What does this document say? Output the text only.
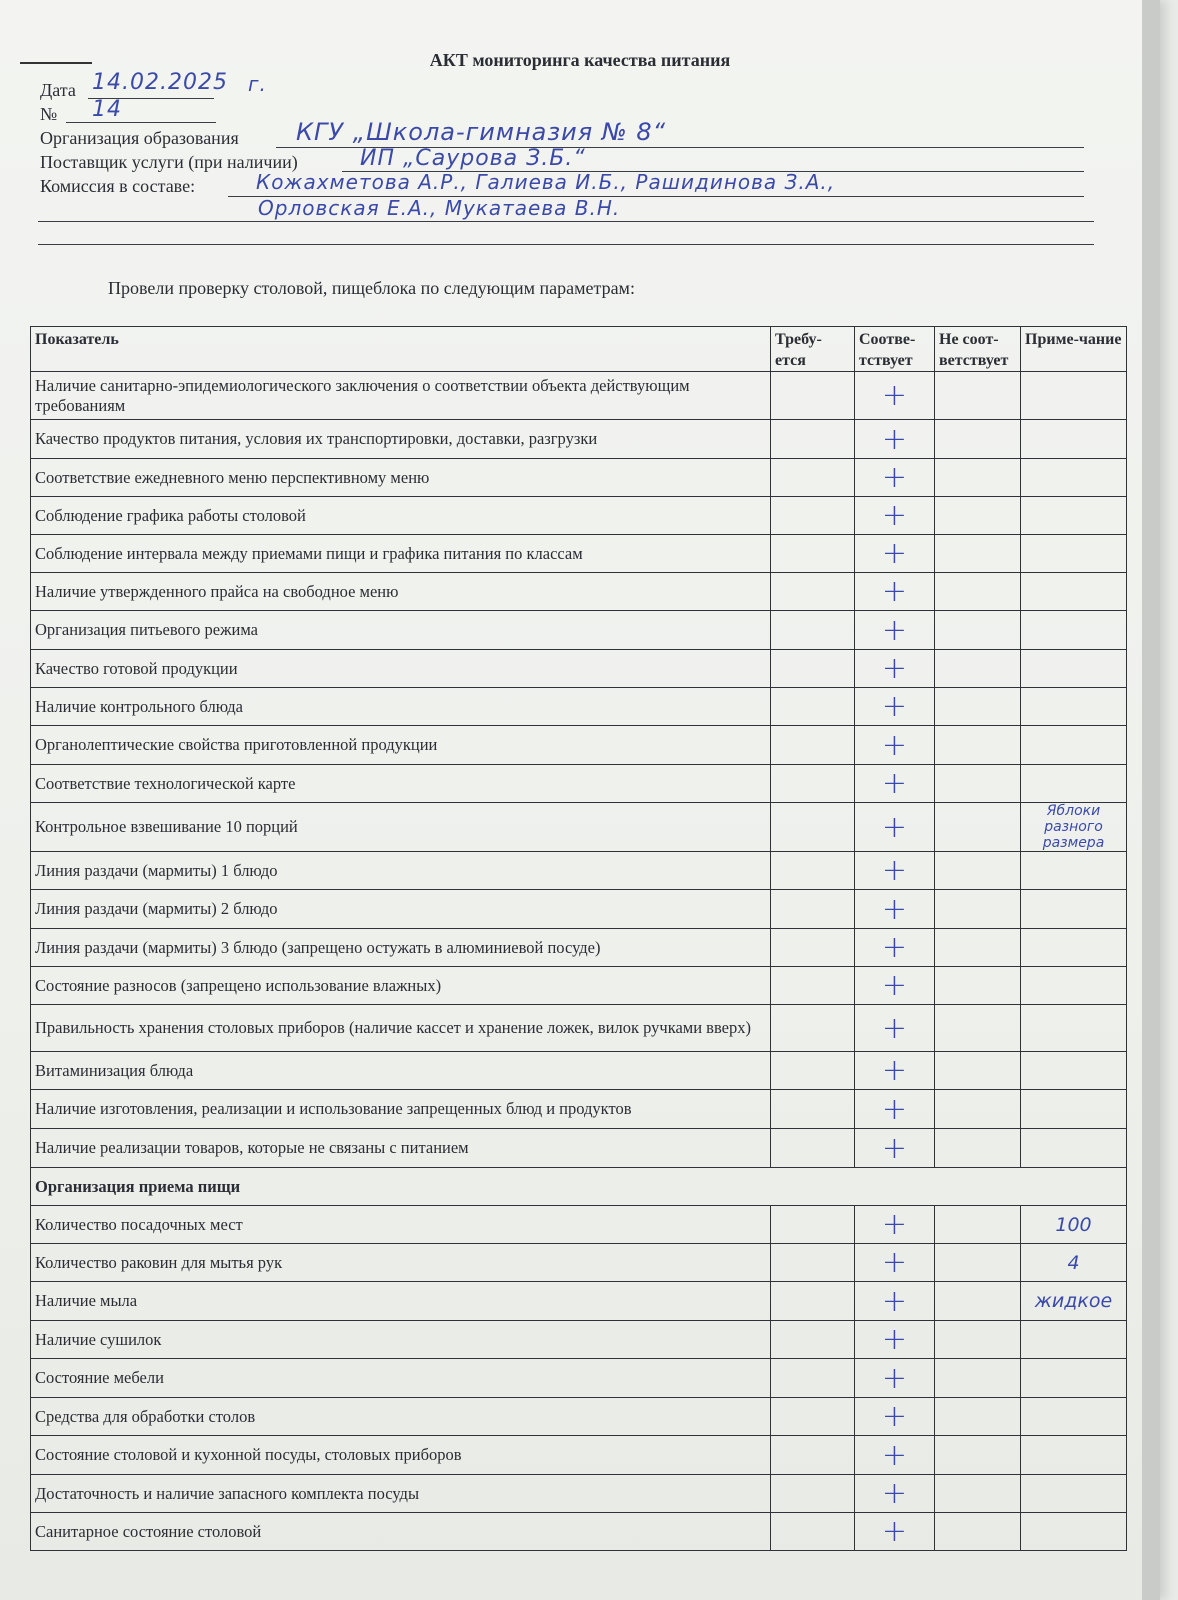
АКТ мониторинга качества питания
Дата 14.02.2025 г.
№ 14
Организация образования КГУ „Школа-гимназия № 8“
Поставщик услуги (при наличии)	ИП „Саурова З.Б.“
Комиссия в составе:	Кожахметова А.Р., Галиева И.Б., Рашидинова З.А.,
Орловская Е.А., Мукатаева В.Н.
Провели проверку столовой, пищеблока по следующим параметрам:
Показатель	Требу-ется	Соотве-тствует	Не соот-ветствует	Приме-чание
Наличие санитарно-эпидемиологического заключения о соответствии объекта действующим требованиям		+		
Качество продуктов питания, условия их транспортировки, доставки, разгрузки		+		
Соответствие ежедневного меню перспективному меню		+		
Соблюдение графика работы столовой		+		
Соблюдение интервала между приемами пищи и графика питания по классам		+		
Наличие утвержденного прайса на свободное меню		+		
Организация питьевого режима		+		
Качество готовой продукции		+		
Наличие контрольного блюда		+		
Органолептические свойства приготовленной продукции		+		
Соответствие технологической карте		+		
Контрольное взвешивание 10 порций		+		Яблоки разного размера
Линия раздачи (мармиты) 1 блюдо		+		
Линия раздачи (мармиты) 2 блюдо		+		
Линия раздачи (мармиты) 3 блюдо (запрещено остужать в алюминиевой посуде)		+		
Состояние разносов (запрещено использование влажных)		+		
Правильность хранения столовых приборов (наличие кассет и хранение ложек, вилок ручками вверх)		+		
Витаминизация блюда		+		
Наличие изготовления, реализации и использование запрещенных блюд и продуктов		+		
Наличие реализации товаров, которые не связаны с питанием		+		
Организация приема пищи				
Количество посадочных мест		+		100
Количество раковин для мытья рук		+		4
Наличие мыла		+		жидкое
Наличие сушилок		+		
Состояние мебели		+		
Средства для обработки столов		+		
Состояние столовой и кухонной посуды, столовых приборов		+		
Достаточность и наличие запасного комплекта посуды		+		
Санитарное состояние столовой		+		
